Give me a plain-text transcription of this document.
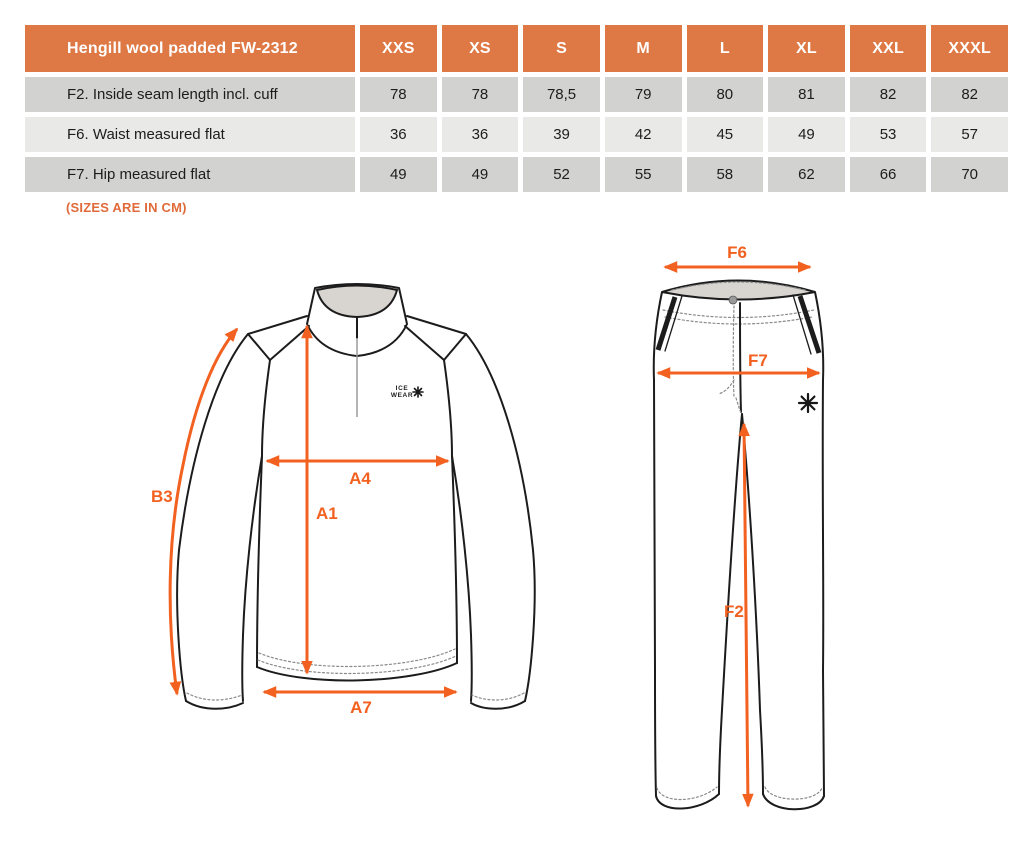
Hengill wool padded FW-2312	XXS	XS	S	M	L	XL	XXL	XXXL
F2. Inside seam length incl. cuff	78	78	78,5	79	80	81	82	82
F6. Waist measured flat	36	36	39	42	45	49	53	57
F7. Hip measured flat	49	49	52	55	58	62	66	70
(SIZES ARE IN CM)
ICE
WEAR
B3
A4
A1
A7
F6
F7
F2
